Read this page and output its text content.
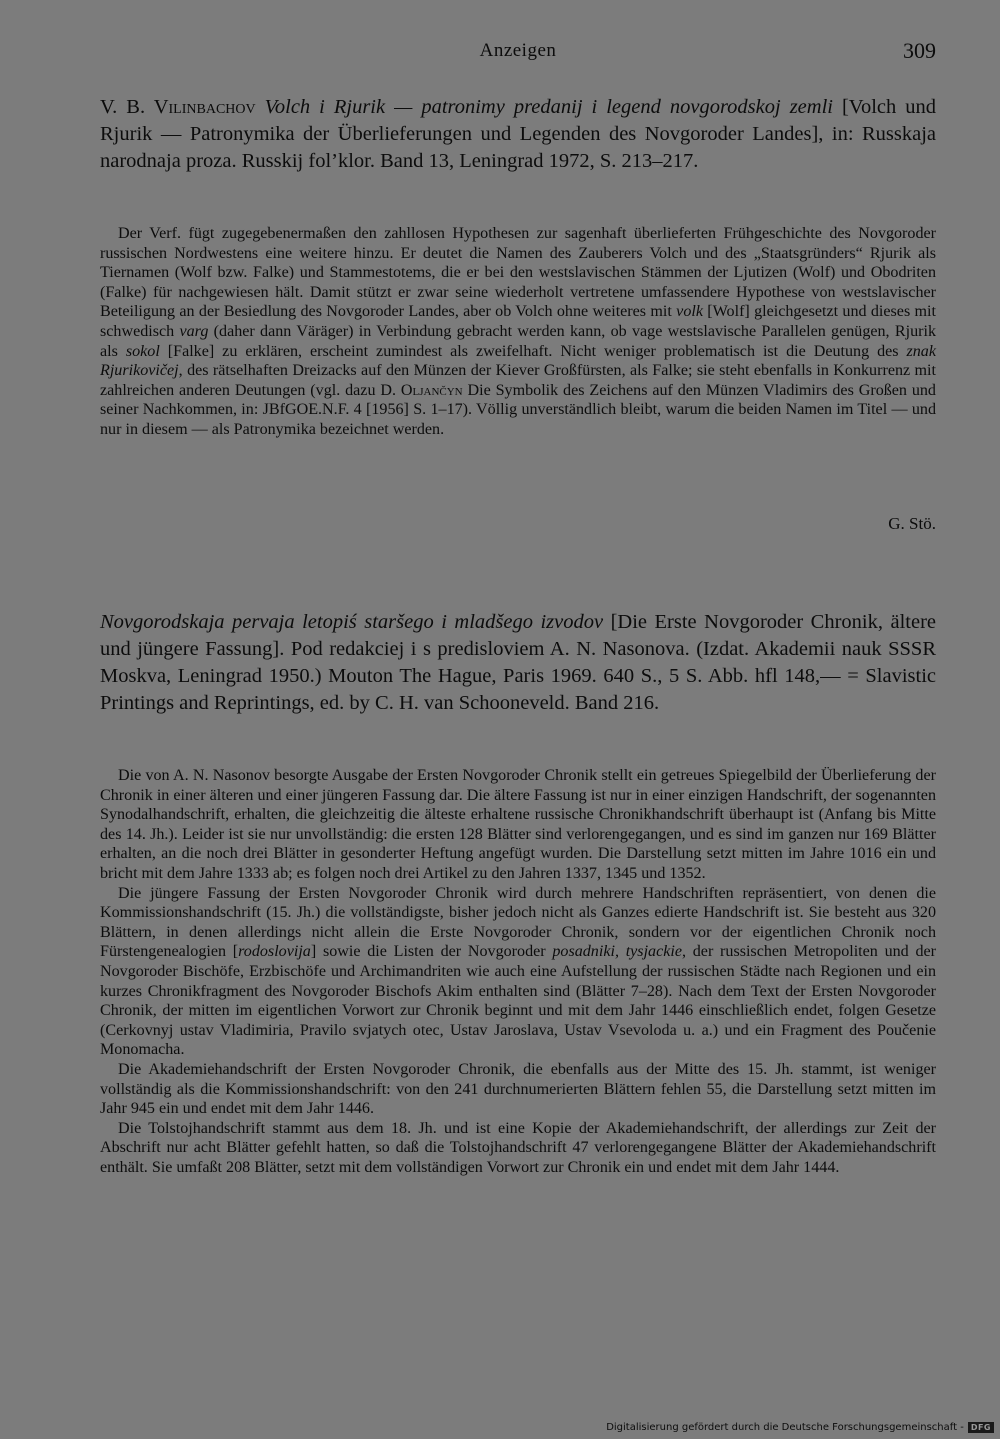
Anzeigen	309
V. B. Vilinbachov Volch i Rjurik — patronimy predanij i legend novgorodskoj zemli [Volch und Rjurik — Patronymika der Überlieferungen und Legenden des Novgoroder Landes], in: Russkaja narodnaja proza. Russkij fol’klor. Band 13, Leningrad 1972, S. 213–217.

Der Verf. fügt zugegebenermaßen den zahllosen Hypothesen zur sagenhaft überlieferten Frühgeschichte des Novgoroder russischen Nordwestens eine weitere hinzu. Er deutet die Namen des Zauberers Volch und des „Staatsgründers“ Rjurik als Tiernamen (Wolf bzw. Falke) und Stammestotems, die er bei den westslavischen Stämmen der Ljutizen (Wolf) und Obodriten (Falke) für nachgewiesen hält. Damit stützt er zwar seine wiederholt vertretene umfassendere Hypothese von westslavischer Beteiligung an der Besiedlung des Novgoroder Landes, aber ob Volch ohne weiteres mit volk [Wolf] gleichgesetzt und dieses mit schwedisch varg (daher dann Väräger) in Verbindung gebracht werden kann, ob vage westslavische Parallelen genügen, Rjurik als sokol [Falke] zu erklären, erscheint zumindest als zweifelhaft. Nicht weniger problematisch ist die Deutung des znak Rjurikovičej, des rätselhaften Dreizacks auf den Münzen der Kiever Großfürsten, als Falke; sie steht ebenfalls in Konkurrenz mit zahlreichen anderen Deutungen (vgl. dazu D. Oljančyn Die Symbolik des Zeichens auf den Münzen Vladimirs des Großen und seiner Nachkommen, in: JBfGOE.N.F. 4 [1956] S. 1–17). Völlig unverständlich bleibt, warum die beiden Namen im Titel — und nur in diesem — als Patronymika bezeichnet werden.

G. Stö.
Novgorodskaja pervaja letopiś staršego i mladšego izvodov [Die Erste Novgoroder Chronik, ältere und jüngere Fassung]. Pod redakciej i s predisloviem A. N. Nasonova. (Izdat. Akademii nauk SSSR Moskva, Leningrad 1950.) Mouton The Hague, Paris 1969. 640 S., 5 S. Abb. hfl 148,— = Slavistic Printings and Reprintings, ed. by C. H. van Schooneveld. Band 216.

Die von A. N. Nasonov besorgte Ausgabe der Ersten Novgoroder Chronik stellt ein getreues Spiegelbild der Überlieferung der Chronik in einer älteren und einer jüngeren Fassung dar. Die ältere Fassung ist nur in einer einzigen Handschrift, der sogenannten Synodalhandschrift, erhalten, die gleichzeitig die älteste erhaltene russische Chronikhandschrift überhaupt ist (Anfang bis Mitte des 14. Jh.). Leider ist sie nur unvollständig: die ersten 128 Blätter sind verlorengegangen, und es sind im ganzen nur 169 Blätter erhalten, an die noch drei Blätter in gesonderter Heftung angefügt wurden. Die Darstellung setzt mitten im Jahre 1016 ein und bricht mit dem Jahre 1333 ab; es folgen noch drei Artikel zu den Jahren 1337, 1345 und 1352.

Die jüngere Fassung der Ersten Novgoroder Chronik wird durch mehrere Handschriften repräsentiert, von denen die Kommissionshandschrift (15. Jh.) die vollständigste, bisher jedoch nicht als Ganzes edierte Handschrift ist. Sie besteht aus 320 Blättern, in denen allerdings nicht allein die Erste Novgoroder Chronik, sondern vor der eigentlichen Chronik noch Fürstengenealogien [rodoslovija] sowie die Listen der Novgoroder posadniki, tysjackie, der russischen Metropoliten und der Novgoroder Bischöfe, Erzbischöfe und Archimandriten wie auch eine Aufstellung der russischen Städte nach Regionen und ein kurzes Chronikfragment des Novgoroder Bischofs Akim enthalten sind (Blätter 7–28). Nach dem Text der Ersten Novgoroder Chronik, der mitten im eigentlichen Vorwort zur Chronik beginnt und mit dem Jahr 1446 einschließlich endet, folgen Gesetze (Cerkovnyj ustav Vladimiria, Pravilo svjatych otec, Ustav Jaroslava, Ustav Vsevoloda u. a.) und ein Fragment des Poučenie Monomacha.

Die Akademiehandschrift der Ersten Novgoroder Chronik, die ebenfalls aus der Mitte des 15. Jh. stammt, ist weniger vollständig als die Kommissionshandschrift: von den 241 durchnumerierten Blättern fehlen 55, die Darstellung setzt mitten im Jahr 945 ein und endet mit dem Jahr 1446.

Die Tolstojhandschrift stammt aus dem 18. Jh. und ist eine Kopie der Akademiehandschrift, der allerdings zur Zeit der Abschrift nur acht Blätter gefehlt hatten, so daß die Tolstojhandschrift 47 verlorengegangene Blätter der Akademiehandschrift enthält. Sie umfaßt 208 Blätter, setzt mit dem vollständigen Vorwort zur Chronik ein und endet mit dem Jahr 1444.

Digitalisierung gefördert durch die Deutsche Forschungsgemeinschaft - DFG
